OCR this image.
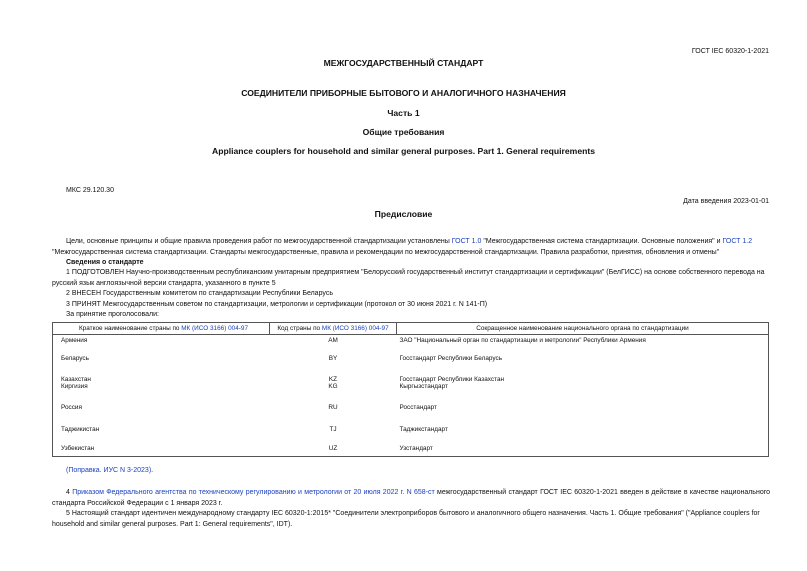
ГОСТ IEC 60320-1-2021
МЕЖГОСУДАРСТВЕННЫЙ СТАНДАРТ
СОЕДИНИТЕЛИ ПРИБОРНЫЕ БЫТОВОГО И АНАЛОГИЧНОГО НАЗНАЧЕНИЯ
Часть 1
Общие требования
Appliance couplers for household and similar general purposes. Part 1. General requirements
МКС 29.120.30
Дата введения 2023-01-01
Предисловие
Цели, основные принципы и общие правила проведения работ по межгосударственной стандартизации установлены ГОСТ 1.0 "Межгосударственная система стандартизации. Основные положения" и ГОСТ 1.2 "Межгосударственная система стандартизации. Стандарты межгосударственные, правила и рекомендации по межгосударственной стандартизации. Правила разработки, принятия, обновления и отмены"
Сведения о стандарте
1 ПОДГОТОВЛЕН Научно-производственным республиканским унитарным предприятием "Белорусский государственный институт стандартизации и сертификации" (БелГИСС) на основе собственного перевода на русский язык англоязычной версии стандарта, указанного в пункте 5
2 ВНЕСЕН Государственным комитетом по стандартизации Республики Беларусь
3 ПРИНЯТ Межгосударственным советом по стандартизации, метрологии и сертификации (протокол от 30 июня 2021 г. N 141-П)
За принятие проголосовали:
Краткое наименование страны по МК (ИСО 3166) 004-97	Код страны по МК (ИСО 3166) 004-97	Сокращенное наименование национального органа по стандартизации
Армения	AM	ЗАО "Национальный орган по стандартизации и метрологии" Республики Армения
Беларусь	BY	Госстандарт Республики Беларусь
Казахстан	KZ	Госстандарт Республики Казахстан
Киргизия	KG	Кыргызстандарт
Россия	RU	Росстандарт
Таджикистан	TJ	Таджикстандарт
Узбекистан	UZ	Узстандарт
(Поправка. ИУС N 3-2023).
4 Приказом Федерального агентства по техническому регулированию и метрологии от 20 июля 2022 г. N 658-ст межгосударственный стандарт ГОСТ IEC 60320-1-2021 введен в действие в качестве национального стандарта Российской Федерации с 1 января 2023 г.
5 Настоящий стандарт идентичен международному стандарту IEC 60320-1:2015* "Соединители электроприборов бытового и аналогичного общего назначения. Часть 1. Общие требования" ("Appliance couplers for household and similar general purposes. Part 1: General requirements", IDT).
